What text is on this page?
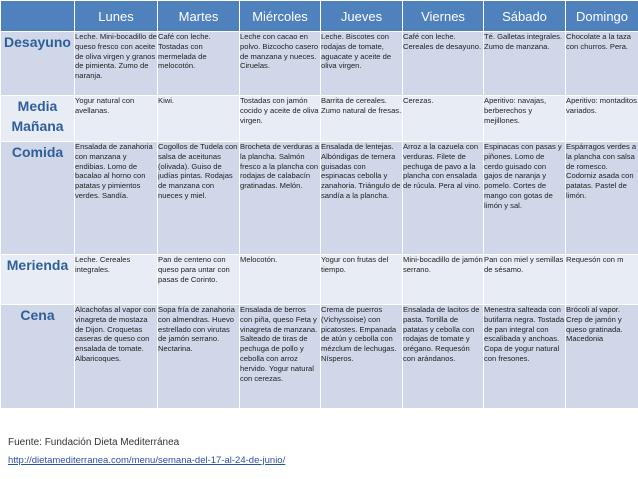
	Lunes	Martes	Miércoles	Jueves	Viernes	Sábado	Domingo
Desayuno	Leche. Mini-bocadillo de queso fresco con aceite de oliva virgen y granos de pimienta. Zumo de naranja.	Café con leche. Tostadas con mermelada de melocotón.	Leche con cacao en polvo. Bizcocho casero de manzana y nueces. Ciruelas.	Leche. Biscotes con rodajas de tomate, aguacate y aceite de oliva virgen.	Café con leche. Cereales de desayuno.	Té. Galletas integrales. Zumo de manzana.	Chocolate a la taza con churros. Pera.
Media Mañana	Yogur natural con avellanas.	Kiwi.	Tostadas con jamón cocido y aceite de oliva virgen.	Barrita de cereales. Zumo natural de fresas.	Cerezas.	Aperitivo: navajas, berberechos y mejillones.	Aperitivo: montaditos variados.
Comida	Ensalada de zanahoria con manzana y endibias. Lomo de bacalao al horno con patatas y pimientos verdes. Sandía.	Cogollos de Tudela con salsa de aceitunas (olivada). Guiso de judías pintas. Rodajas de manzana con nueces y miel.	Brocheta de verduras a la plancha. Salmón fresco a la plancha con rodajas de calabacín gratinadas. Melón.	Ensalada de lentejas. Albóndigas de ternera guisadas con espinacas cebolla y zanahoria. Triángulo de sandía a la plancha.	Arroz a la cazuela con verduras. Filete de pechuga de pavo a la plancha con ensalada de rúcula. Pera al vino.	Espinacas con pasas y piñones. Lomo de cerdo guisado con gajos de naranja y pomelo. Cortes de mango con gotas de limón y sal.	Espárragos verdes a la plancha con salsa de romesco. Codorniz asada con patatas. Pastel de limón.
Merienda	Leche. Cereales integrales.	Pan de centeno con queso para untar con pasas de Corinto.	Melocotón.	Yogur con frutas del tiempo.	Mini-bocadillo de jamón serrano.	Pan con miel y semillas de sésamo.	Requesón con m
Cena	Alcachofas al vapor con vinagreta de mostaza de Dijon. Croquetas caseras de queso con ensalada de tomate. Albaricoques.	Sopa fría de zanahoria con almendras. Huevo estrellado con virutas de jamón serrano. Nectarina.	Ensalada de berros con piña, queso Feta y vinagreta de manzana. Salteado de tiras de pechuga de pollo y cebolla con arroz hervido. Yogur natural con cerezas.	Crema de puerros (Vichyssoise) con picatostes. Empanada de atún y cebolla con mézclum de lechugas. Nísperos.	Ensalada de lacitos de pasta. Tortilla de patatas y cebolla con rodajas de tomate y orégano. Requesón con arándanos.	Menestra salteada con butifarra negra. Tostada de pan integral con escalibada y anchoas. Copa de yogur natural con fresones.	Brócoli al vapor. Crep de jamón y queso gratinada. Macedonia
Fuente: Fundación Dieta Mediterránea
http://dietamediterranea.com/menu/semana-del-17-al-24-de-junio/
